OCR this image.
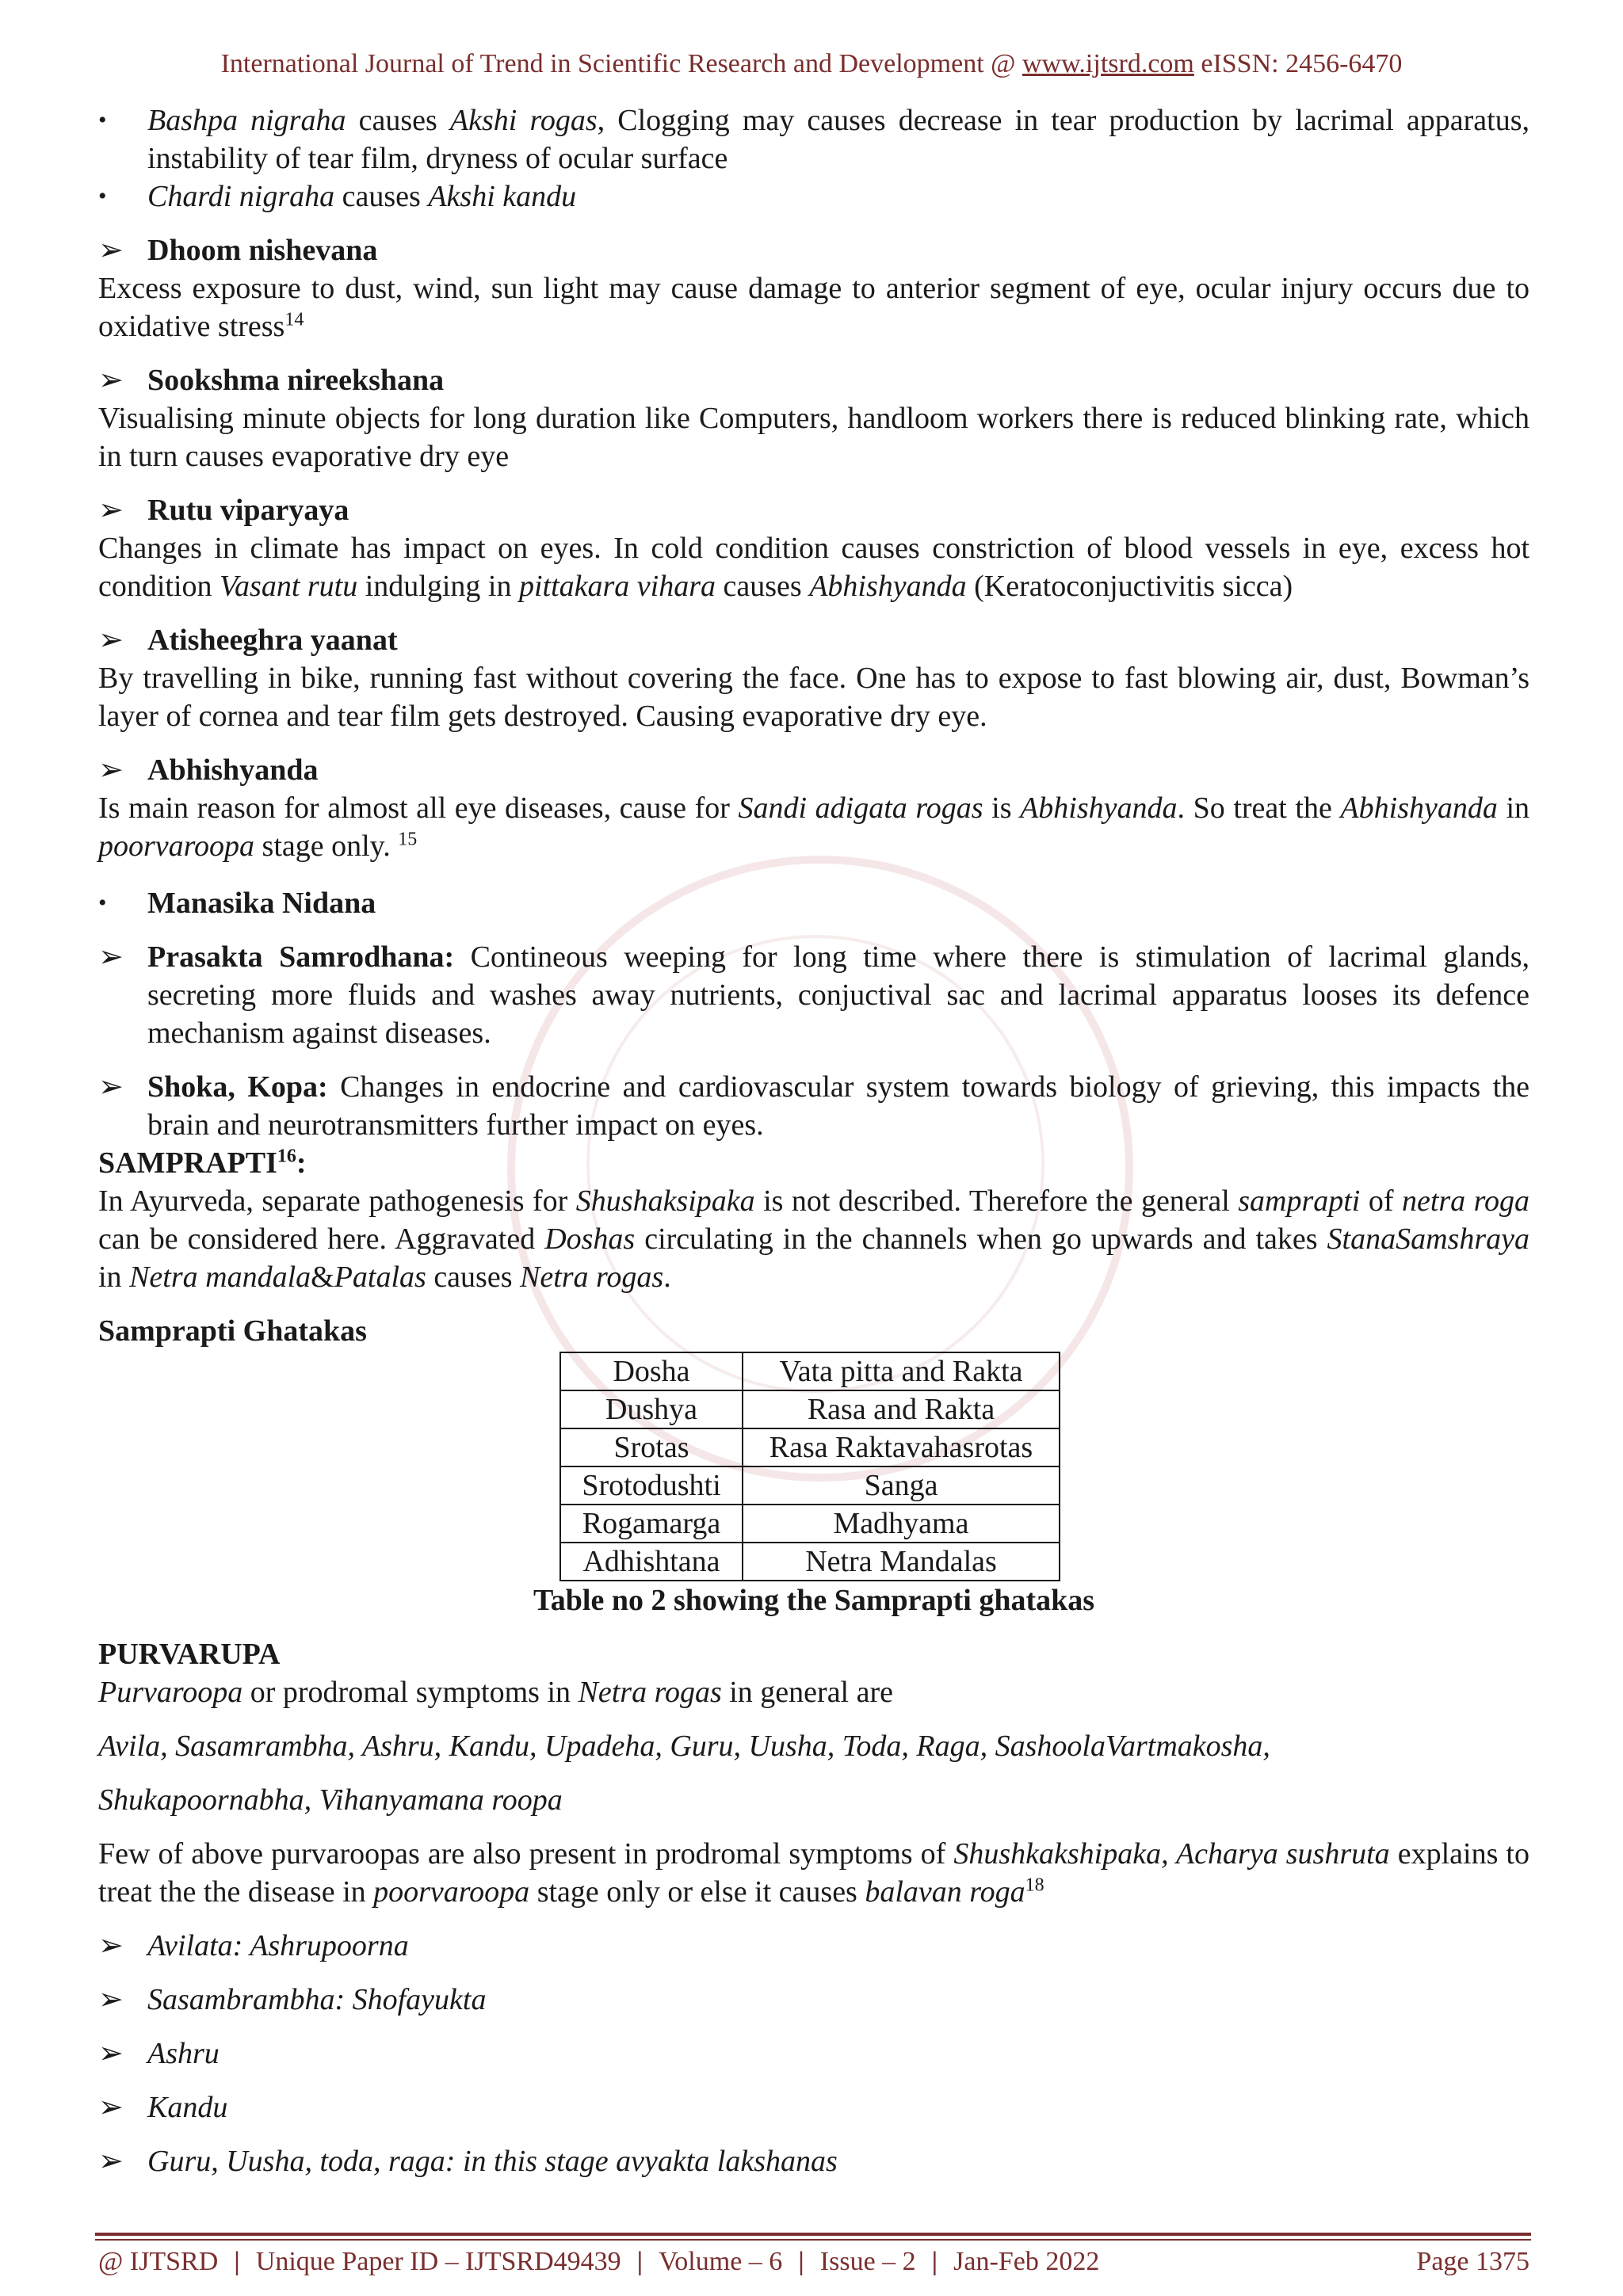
International Journal of Trend in Scientific Research and Development @ www.ijtsrd.com eISSN: 2456-6470

•	Bashpa nigraha causes Akshi rogas, Clogging may causes decrease in tear production by lacrimal apparatus, instability of tear film, dryness of ocular surface

•	Chardi nigraha causes Akshi kandu

➢ Dhoom nishevana

Excess exposure to dust, wind, sun light may cause damage to anterior segment of eye, ocular injury occurs due to oxidative stress$^{14}$

➢ Sookshma nireekshana

Visualising minute objects for long duration like Computers, handloom workers there is reduced blinking rate, which in turn causes evaporative dry eye

➢ Rutu viparyaya

Changes in climate has impact on eyes. In cold condition causes constriction of blood vessels in eye, excess hot condition Vasant rutu indulging in pittakara vihara causes Abhishyanda (Keratoconjuctivitis sicca)

➢ Atisheeghra yaanat

By travelling in bike, running fast without covering the face. One has to expose to fast blowing air, dust, Bowman’s layer of cornea and tear film gets destroyed. Causing evaporative dry eye.

➢ Abhishyanda

Is main reason for almost all eye diseases, cause for Sandi adigata rogas is Abhishyanda. So treat the Abhishyanda in poorvaroopa stage only. $^{15}$

•	Manasika Nidana

➢ Prasakta Samrodhana: Contineous weeping for long time where there is stimulation of lacrimal glands, secreting more fluids and washes away nutrients, conjuctival sac and lacrimal apparatus looses its defence mechanism against diseases.

➢ Shoka, Kopa: Changes in endocrine and cardiovascular system towards biology of grieving, this impacts the brain and neurotransmitters further impact on eyes.

SAMPRAPTI$^{16}$:

In Ayurveda, separate pathogenesis for Shushaksipaka is not described. Therefore the general samprapti of netra roga can be considered here. Aggravated Doshas circulating in the channels when go upwards and takes StanaSamshraya in Netra mandala&Patalas causes Netra rogas.

Samprapti Ghatakas

Dosha	Vata pitta and Rakta
Dushya	Rasa and Rakta
Srotas	Rasa Raktavahasrotas
Srotodushti	Sanga
Rogamarga	Madhyama
Adhishtana	Netra Mandalas

Table no 2 showing the Samprapti ghatakas

PURVARUPA

Purvaroopa or prodromal symptoms in Netra rogas in general are

Avila, Sasamrambha, Ashru, Kandu, Upadeha, Guru, Uusha, Toda, Raga, SashoolaVartmakosha,

Shukapoornabha, Vihanyamana roopa

Few of above purvaroopas are also present in prodromal symptoms of Shushkakshipaka, Acharya sushruta explains to treat the the disease in poorvaroopa stage only or else it causes balavan roga$^{18}$

➢ Avilata: Ashrupoorna

➢ Sasambrambha: Shofayukta

➢ Ashru

➢ Kandu

➢ Guru, Uusha, toda, raga: in this stage avyakta lakshanas

@ IJTSRD | Unique Paper ID – IJTSRD49439 | Volume – 6 | Issue – 2 | Jan-Feb 2022	Page 1375
